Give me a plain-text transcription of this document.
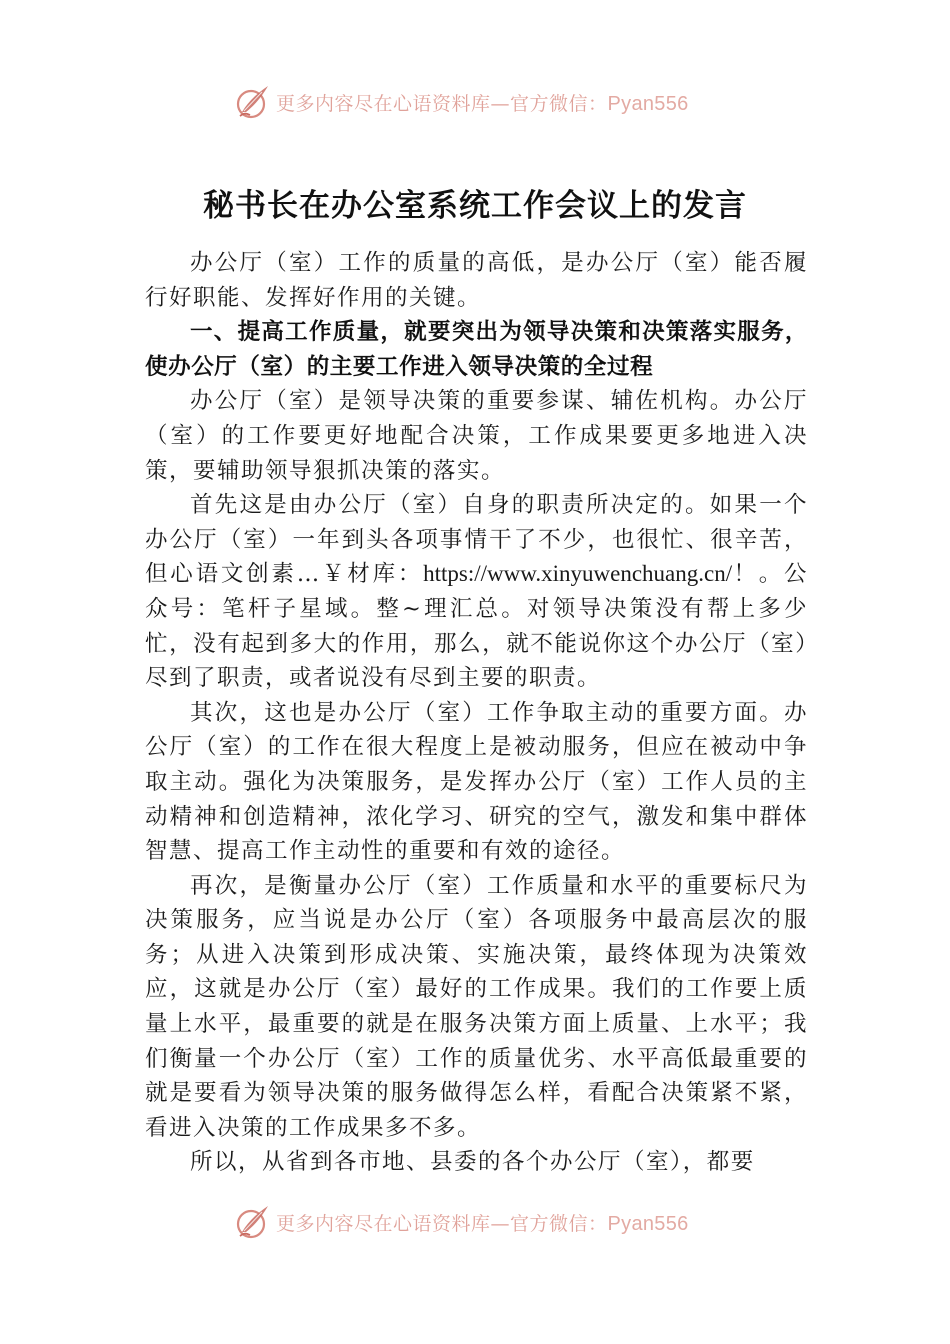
更多内容尽在心语资料库—官方微信：Pyan556
秘书长在办公室系统工作会议上的发言

办公厅（室）工作的质量的高低，是办公厅（室）能否履行好职能、发挥好作用的关键。

一、提高工作质量，就要突出为领导决策和决策落实服务，使办公厅（室）的主要工作进入领导决策的全过程

办公厅（室）是领导决策的重要参谋、辅佐机构。办公厅（室）的工作要更好地配合决策，工作成果要更多地进入决策，要辅助领导狠抓决策的落实。

首先这是由办公厅（室）自身的职责所决定的。如果一个办公厅（室）一年到头各项事情干了不少，也很忙、很辛苦，但心语文创素…￥材库：https://www.xinyuwenchuang.cn/！。公众号：笔杆子星域。整~理汇总。对领导决策没有帮上多少忙，没有起到多大的作用，那么，就不能说你这个办公厅（室）尽到了职责，或者说没有尽到主要的职责。

其次，这也是办公厅（室）工作争取主动的重要方面。办公厅（室）的工作在很大程度上是被动服务，但应在被动中争取主动。强化为决策服务，是发挥办公厅（室）工作人员的主动精神和创造精神，浓化学习、研究的空气，激发和集中群体智慧、提高工作主动性的重要和有效的途径。

再次，是衡量办公厅（室）工作质量和水平的重要标尺为决策服务，应当说是办公厅（室）各项服务中最高层次的服务；从进入决策到形成决策、实施决策，最终体现为决策效应，这就是办公厅（室）最好的工作成果。我们的工作要上质量上水平，最重要的就是在服务决策方面上质量、上水平；我们衡量一个办公厅（室）工作的质量优劣、水平高低最重要的就是要看为领导决策的服务做得怎么样，看配合决策紧不紧，看进入决策的工作成果多不多。

所以，从省到各市地、县委的各个办公厅（室），都要

更多内容尽在心语资料库—官方微信：Pyan556
